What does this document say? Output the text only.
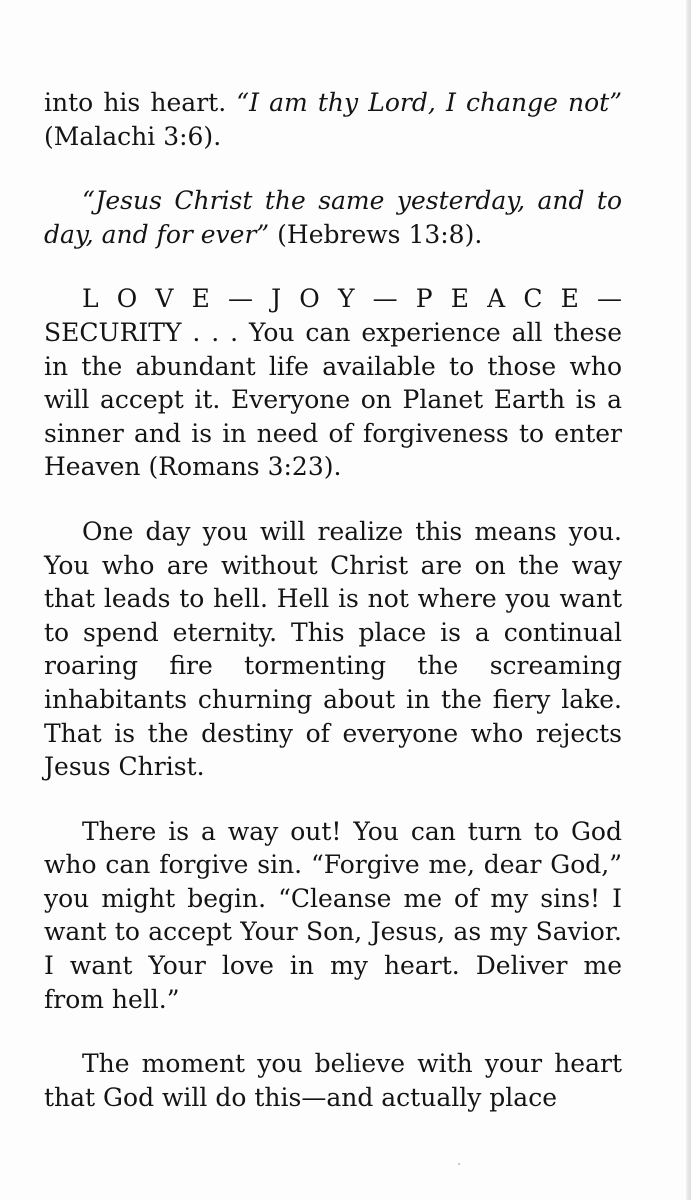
into his heart. “I am thy Lord, I change not” (Malachi 3:6).

“Jesus Christ the same yesterday, and to day, and for ever” (Hebrews 13:8).

L O V E — J O Y — P E A C E —
SECURITY . . . You can experience all these in the abundant life available to those who will accept it. Everyone on Planet Earth is a sinner and is in need of forgiveness to enter Heaven (Romans 3:23).

One day you will realize this means you. You who are without Christ are on the way that leads to hell. Hell is not where you want to spend eternity. This place is a continual roaring fire tormenting the screaming inhabitants churning about in the fiery lake. That is the destiny of everyone who rejects Jesus Christ.

There is a way out! You can turn to God who can forgive sin. “Forgive me, dear God,” you might begin. “Cleanse me of my sins! I want to accept Your Son, Jesus, as my Savior. I want Your love in my heart. Deliver me from hell.”

The moment you believe with your heart that God will do this—and actually place
